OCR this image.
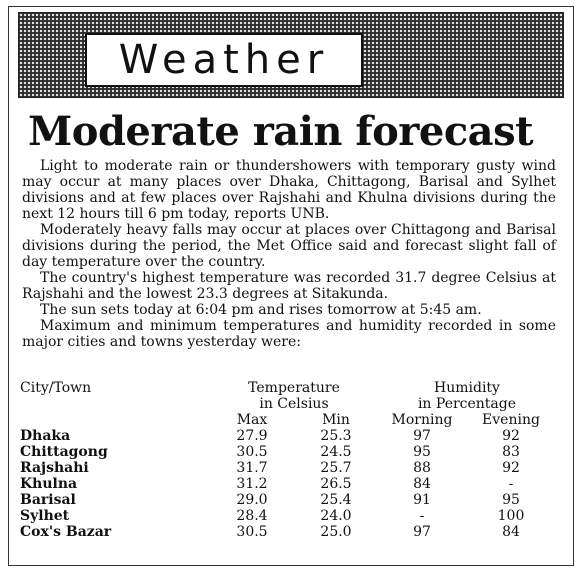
Weather
Moderate rain forecast

Light to moderate rain or thundershowers with temporary gusty wind may occur at many places over Dhaka, Chittagong, Barisal and Sylhet divisions and at few places over Rajshahi and Khulna divisions during the next 12 hours till 6 pm today, reports UNB.

Moderately heavy falls may occur at places over Chittagong and Barisal divisions during the period, the Met Office said and forecast slight fall of day temperature over the country.

The country's highest temperature was recorded 31.7 degree Celsius at Rajshahi and the lowest 23.3 degrees at Sitakunda.

The sun sets today at 6:04 pm and rises tomorrow at 5:45 am.

Maximum and minimum temperatures and humidity recorded in some major cities and towns yesterday were:

City/Town	Temperature		Humidity	
	in Celsius		in Percentage	
	Max	Min	Morning	Evening
Dhaka	27.9	25.3	97	92
Chittagong	30.5	24.5	95	83
Rajshahi	31.7	25.7	88	92
Khulna	31.2	26.5	84	-
Barisal	29.0	25.4	91	95
Sylhet	28.4	24.0	-	100
Cox's Bazar	30.5	25.0	97	84
